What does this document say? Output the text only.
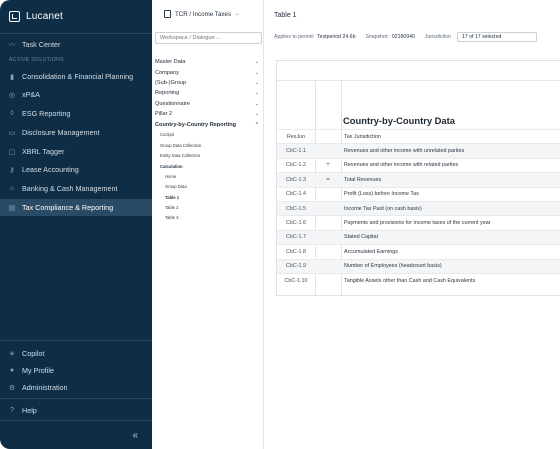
Lucanet
〰 Task Center
ACTIVE SOLUTIONS
▮ Consolidation & Financial Planning
◎ xP&A
◊	ESG Reporting
▭ Disclosure Management
▢ XBRL Tagger
⚷ Lease Accounting
⌂ Banking & Cash Management
▤ Tax Compliance & Reporting
✳ Copilot
● My Profile
⚙ Administration
? Help
«
TCR / Income Taxes ⌄
Workspace / Dialogue ...
Master Data	⌄
Company	⌄
(Sub-)Group	⌄
Reporting	⌄
Questionnaire	⌄
Pillar 2	⌄
Country-by-Country Reporting	⌃
Cockpit
Group Data Collection
Entity Data Collection
Calculation
Home
Group Data
Table 1
Table 2
Table 3
Table 1
Applies to period: Testperiod 24.6b Snapshot: 02180940 Jurisdiction	17 of 17 selected
Country-by-Country Data
ResJun	Tax Jurisdiction
CbC-1.1	Revenues and other income with unrelated parties
CbC-1.2	+	Revenues and other income with related parties
CbC-1.3	=	Total Revenues
CbC-1.4	Profit (Loss) before Income Tax
CbC-1.5	Income Tax Paid (on cash basis)
CbC-1.6	Payments and provisions for income taxes of the current year
CbC-1.7	Stated Capital
CbC-1.8	Accumulated Earnings
CbC-1.9	Number of Employees (headcount basis)
CbC-1.10	Tangible Assets other than Cash and Cash Equivalents
